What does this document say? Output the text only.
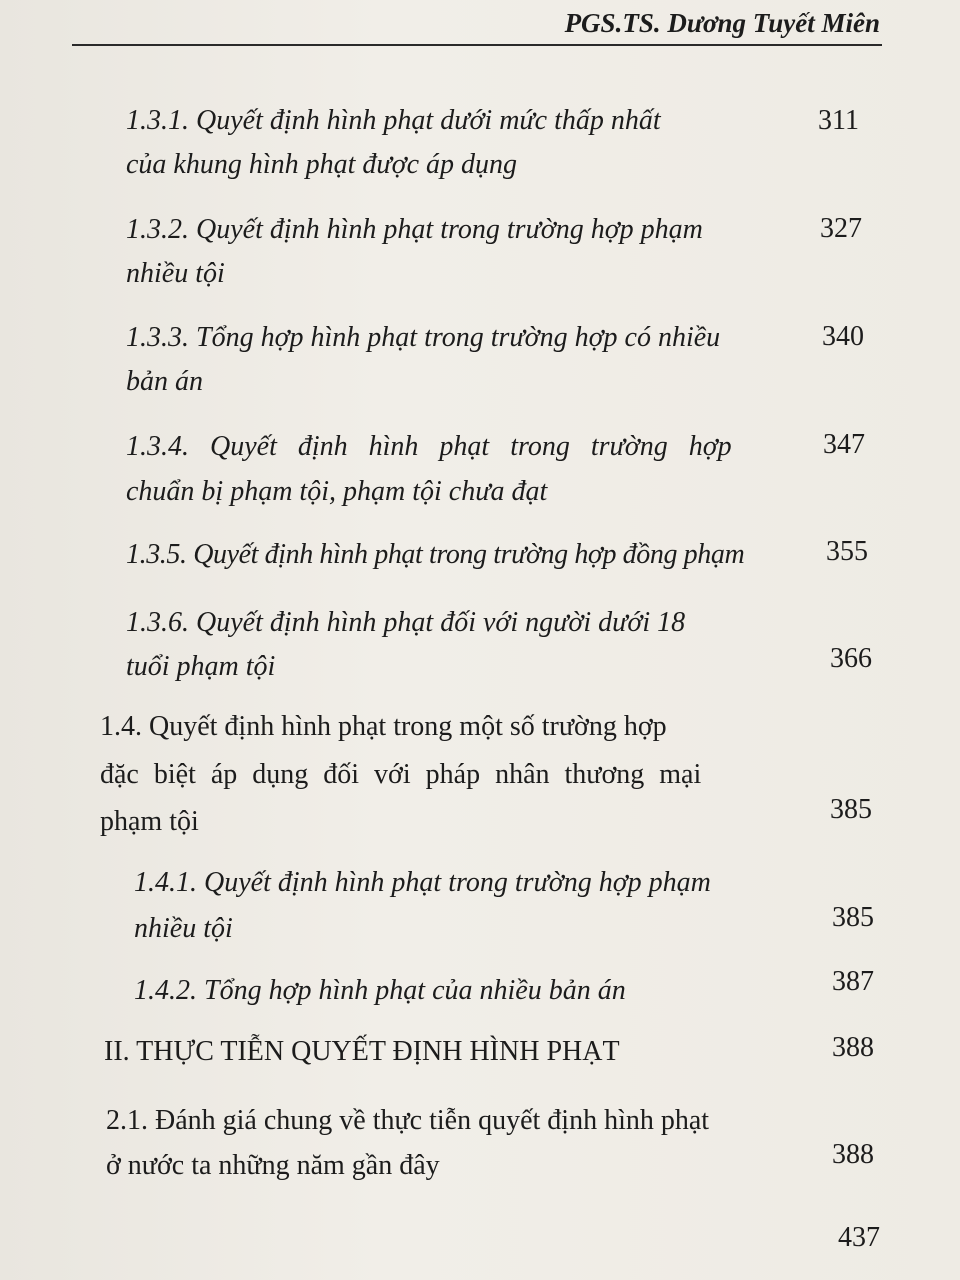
PGS.TS. Dương Tuyết Miên
1.3.1. Quyết định hình phạt dưới mức thấp nhất
của khung hình phạt được áp dụng
311
1.3.2. Quyết định hình phạt trong trường hợp phạm
nhiều tội
327
1.3.3. Tổng hợp hình phạt trong trường hợp có nhiều
bản án
340
1.3.4. Quyết định hình phạt trong trường hợp
chuẩn bị phạm tội, phạm tội chưa đạt
347
1.3.5. Quyết định hình phạt trong trường hợp đồng phạm	355
1.3.6. Quyết định hình phạt đối với người dưới 18
tuổi phạm tội	366
1.4. Quyết định hình phạt trong một số trường hợp
đặc biệt áp dụng đối với pháp nhân thương mại
phạm tội	385
1.4.1. Quyết định hình phạt trong trường hợp phạm
nhiều tội	385
1.4.2. Tổng hợp hình phạt của nhiều bản án	387
II. THỰC TIỄN QUYẾT ĐỊNH HÌNH PHẠT	388
2.1. Đánh giá chung về thực tiễn quyết định hình phạt
ở nước ta những năm gần đây	388
437
